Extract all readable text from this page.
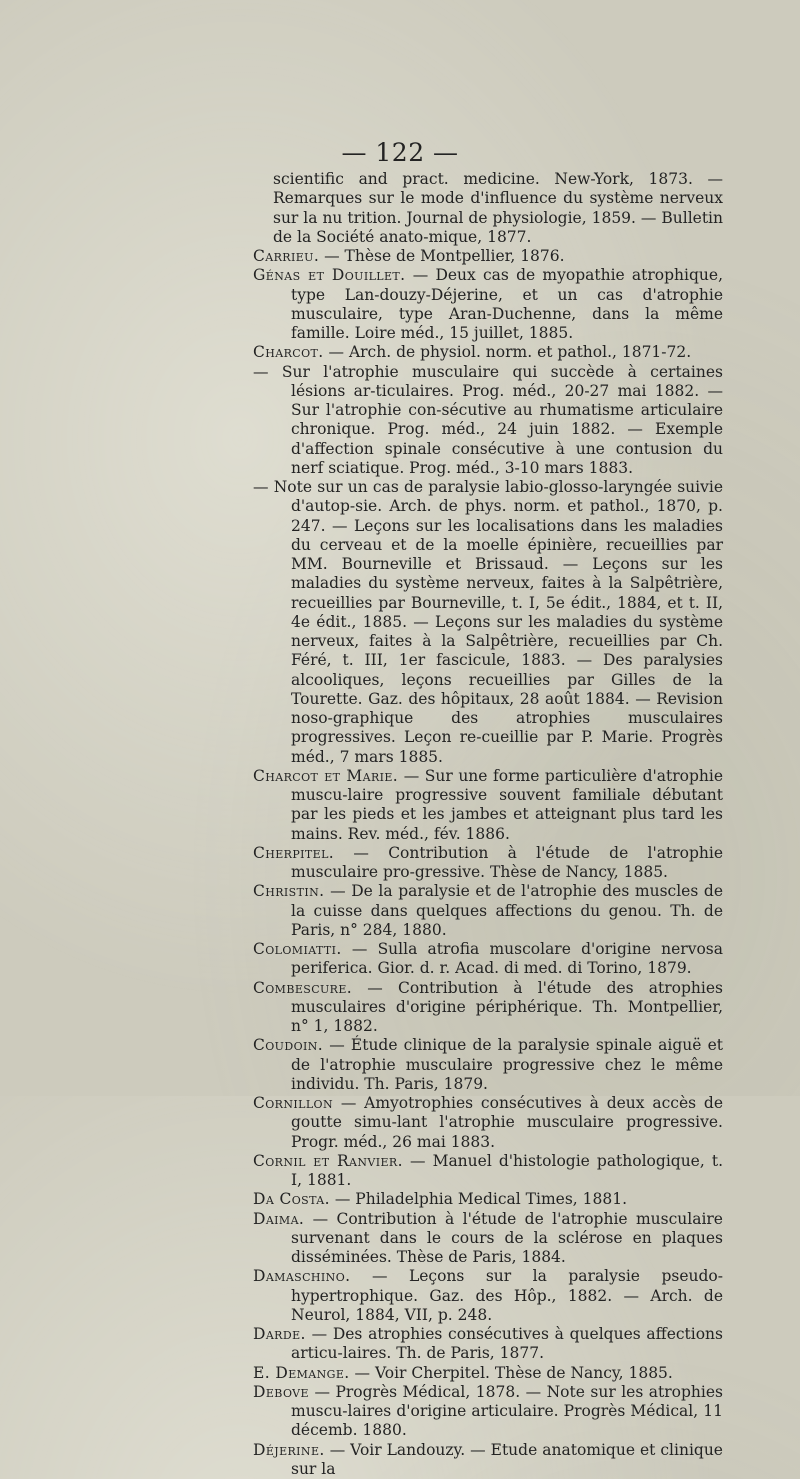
— 122 —

scientific and pract. medicine. New-York, 1873. — Remarques sur le mode d'influence du système nerveux sur la nu trition. Journal de physiologie, 1859. — Bulletin de la Société anato-mique, 1877.

Carrieu. — Thèse de Montpellier, 1876.

Génas et Douillet. — Deux cas de myopathie atrophique, type Lan-douzy-Déjerine, et un cas d'atrophie musculaire, type Aran-Duchenne, dans la même famille. Loire méd., 15 juillet, 1885.

Charcot. — Arch. de physiol. norm. et pathol., 1871-72.

— Sur l'atrophie musculaire qui succède à certaines lésions ar-ticulaires. Prog. méd., 20-27 mai 1882. — Sur l'atrophie con-sécutive au rhumatisme articulaire chronique. Prog. méd., 24 juin 1882. — Exemple d'affection spinale consécutive à une contusion du nerf sciatique. Prog. méd., 3-10 mars 1883.

— Note sur un cas de paralysie labio-glosso-laryngée suivie d'autop-sie. Arch. de phys. norm. et pathol., 1870, p. 247. — Leçons sur les localisations dans les maladies du cerveau et de la moelle épinière, recueillies par MM. Bourneville et Brissaud. — Leçons sur les maladies du système nerveux, faites à la Salpêtrière, recueillies par Bourneville, t. I, 5e édit., 1884, et t. II, 4e édit., 1885. — Leçons sur les maladies du système nerveux, faites à la Salpêtrière, recueillies par Ch. Féré, t. III, 1er fascicule, 1883. — Des paralysies alcooliques, leçons recueillies par Gilles de la Tourette. Gaz. des hôpitaux, 28 août 1884. — Revision noso-graphique des atrophies musculaires progressives. Leçon re-cueillie par P. Marie. Progrès méd., 7 mars 1885.

Charcot et Marie. — Sur une forme particulière d'atrophie muscu-laire progressive souvent familiale débutant par les pieds et les jambes et atteignant plus tard les mains. Rev. méd., fév. 1886.

Cherpitel. — Contribution à l'étude de l'atrophie musculaire pro-gressive. Thèse de Nancy, 1885.

Christin. — De la paralysie et de l'atrophie des muscles de la cuisse dans quelques affections du genou. Th. de Paris, n° 284, 1880.

Colomiatti. — Sulla atrofia muscolare d'origine nervosa periferica. Gior. d. r. Acad. di med. di Torino, 1879.

Combescure. — Contribution à l'étude des atrophies musculaires d'origine périphérique. Th. Montpellier, n° 1, 1882.

Coudoin. — Étude clinique de la paralysie spinale aiguë et de l'atrophie musculaire progressive chez le même individu. Th. Paris, 1879.

Cornillon — Amyotrophies consécutives à deux accès de goutte simu-lant l'atrophie musculaire progressive. Progr. méd., 26 mai 1883.

Cornil et Ranvier. — Manuel d'histologie pathologique, t. I, 1881.

Da Costa. — Philadelphia Medical Times, 1881.

Daima. — Contribution à l'étude de l'atrophie musculaire survenant dans le cours de la sclérose en plaques disséminées. Thèse de Paris, 1884.

Damaschino. — Leçons sur la paralysie pseudo-hypertrophique. Gaz. des Hôp., 1882. — Arch. de Neurol, 1884, VII, p. 248.

Darde. — Des atrophies consécutives à quelques affections articu-laires. Th. de Paris, 1877.

E. Demange. — Voir Cherpitel. Thèse de Nancy, 1885.

Debove — Progrès Médical, 1878. — Note sur les atrophies muscu-laires d'origine articulaire. Progrès Médical, 11 décemb. 1880.

Déjerine. — Voir Landouzy. — Etude anatomique et clinique sur la
